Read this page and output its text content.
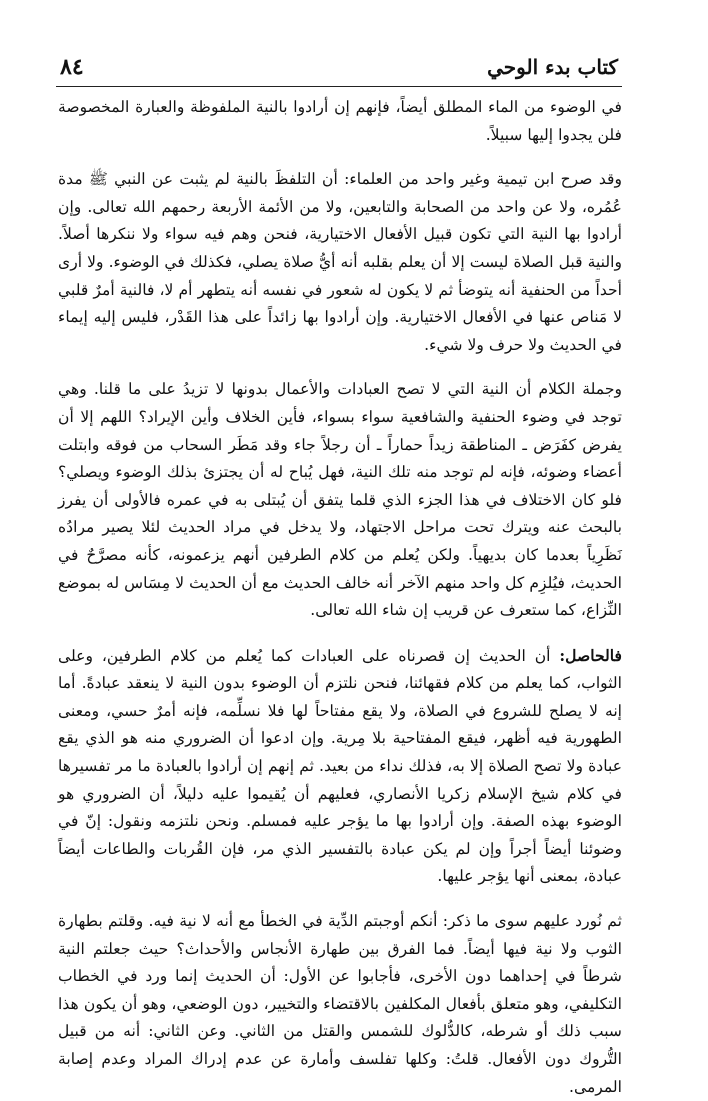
كتاب بدء الوحي
٨٤

في الوضوء من الماء المطلق أيضاً، فإنهم إن أرادوا بالنية الملفوظة والعبارة المخصوصة فلن يجدوا إليها سبيلاً.

وقد صرح ابن تيمية وغير واحد من العلماء: أن التلفظَ بالنية لم يثبت عن النبي ﷺ مدة عُمُره، ولا عن واحد من الصحابة والتابعين، ولا من الأئمة الأربعة رحمهم الله تعالى. وإن أرادوا بها النية التي تكون قبيل الأفعال الاختيارية، فنحن وهم فيه سواء ولا ننكرها أصلاً. والنية قبل الصلاة ليست إلا أن يعلم بقلبه أنه أيُّ صلاة يصلي، فكذلك في الوضوء. ولا أرى أحداً من الحنفية أنه يتوضأ ثم لا يكون له شعور في نفسه أنه يتطهر أم لا، فالنية أمرٌ قلبي لا مَناص عنها في الأفعال الاختيارية. وإن أرادوا بها زائداً على هذا القَدْر، فليس إليه إيماء في الحديث ولا حرف ولا شيء.

وجملة الكلام أن النية التي لا تصح العبادات والأعمال بدونها لا تزيدُ على ما قلنا. وهي توجد في وضوء الحنفية والشافعية سواء بسواء، فأين الخلاف وأين الإيراد؟ اللهم إلا أن يفرض كفَرَض ـ المناطقة زيداً حماراً ـ أن رجلاً جاء وقد مَطَر السحاب من فوقه وابتلت أعضاء وضوئه، فإنه لم توجد منه تلك النية، فهل يُباح له أن يجتزئ بذلك الوضوء ويصلي؟ فلو كان الاختلاف في هذا الجزء الذي قلما يتفق أن يُبتلى به في عمره فالأولى أن يفرز بالبحث عنه ويترك تحت مراحل الاجتهاد، ولا يدخل في مراد الحديث لئلا يصير مرادُه نَظَرِياً بعدما كان بديهياً. ولكن يُعلم من كلام الطرفين أنهم يزعمونه، كأنه مصرَّحٌ في الحديث، فيُلزِم كل واحد منهم الآخر أنه خالف الحديث مع أن الحديث لا مِسَاس له بموضع النِّزاع، كما ستعرف عن قريب إن شاء الله تعالى.

فالحاصل: أن الحديث إن قصرناه على العبادات كما يُعلم من كلام الطرفين، وعلى الثواب، كما يعلم من كلام فقهائنا، فنحن نلتزم أن الوضوء بدون النية لا ينعقد عبادةً. أما إنه لا يصلح للشروع في الصلاة، ولا يقع مفتاحاً لها فلا نسلِّمه، فإنه أمرٌ حسي، ومعنى الطهورية فيه أظهر، فيقع المفتاحية بلا مِرية. وإن ادعوا أن الضروري منه هو الذي يقع عبادة ولا تصح الصلاة إلا به، فذلك نداء من بعيد. ثم إنهم إن أرادوا بالعبادة ما مر تفسيرها في كلام شيخ الإسلام زكريا الأنصاري، فعليهم أن يُقيموا عليه دليلاً، أن الضروري هو الوضوء بهذه الصفة. وإن أرادوا بها ما يؤجر عليه فمسلم. ونحن نلتزمه ونقول: إنّ في وضوئنا أيضاً أجراً وإن لم يكن عبادة بالتفسير الذي مر، فإن القُربات والطاعات أيضاً عبادة، بمعنى أنها يؤجر عليها.

ثم نُورد عليهم سوى ما ذكر: أنكم أوجبتم الدِّية في الخطأ مع أنه لا نية فيه. وقلتم بطهارة الثوب ولا نية فيها أيضاً. فما الفرق بين طهارة الأنجاس والأحداث؟ حيث جعلتم النية شرطاً في إحداهما دون الأخرى، فأجابوا عن الأول: أن الحديث إنما ورد في الخطاب التكليفي، وهو متعلق بأفعال المكلفين بالاقتضاء والتخيير، دون الوضعي، وهو أن يكون هذا سبب ذلك أو شرطه، كالدُّلوك للشمس والقتل من الثاني. وعن الثاني: أنه من قبيل التُّروك دون الأفعال. قلتُ: وكلها تفلسف وأمارة عن عدم إدراك المراد وعدم إصابة المرمى.
